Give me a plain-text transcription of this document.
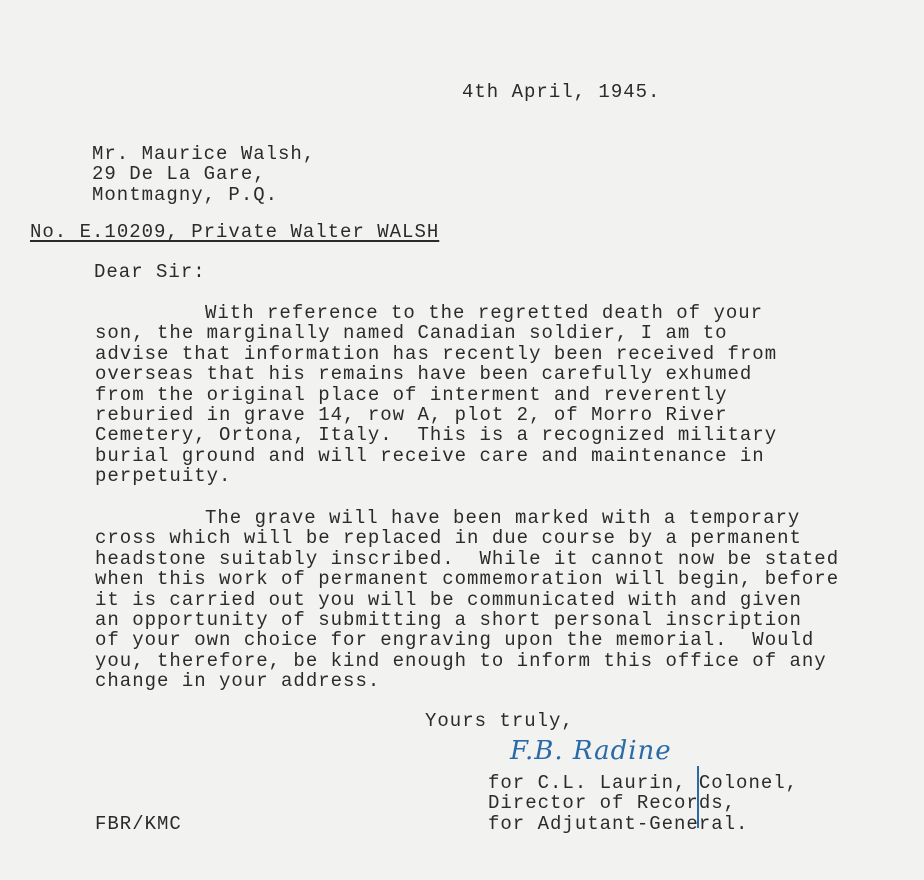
4th April, 1945.
Mr. Maurice Walsh,
29 De La Gare,
Montmagny, P.Q.
No. E.10209, Private Walter WALSH
Dear Sir:
With reference to the regretted death of your
son, the marginally named Canadian soldier, I am to
advise that information has recently been received from
overseas that his remains have been carefully exhumed
from the original place of interment and reverently
reburied in grave 14, row A, plot 2, of Morro River
Cemetery, Ortona, Italy.  This is a recognized military
burial ground and will receive care and maintenance in
perpetuity.
The grave will have been marked with a temporary
cross which will be replaced in due course by a permanent
headstone suitably inscribed.  While it cannot now be stated
when this work of permanent commemoration will begin, before
it is carried out you will be communicated with and given
an opportunity of submitting a short personal inscription
of your own choice for engraving upon the memorial.  Would
you, therefore, be kind enough to inform this office of any
change in your address.
Yours truly,
F.B. Radine
for C.L. Laurin, Colonel,
Director of Records,
for Adjutant-General.
FBR/KMC
